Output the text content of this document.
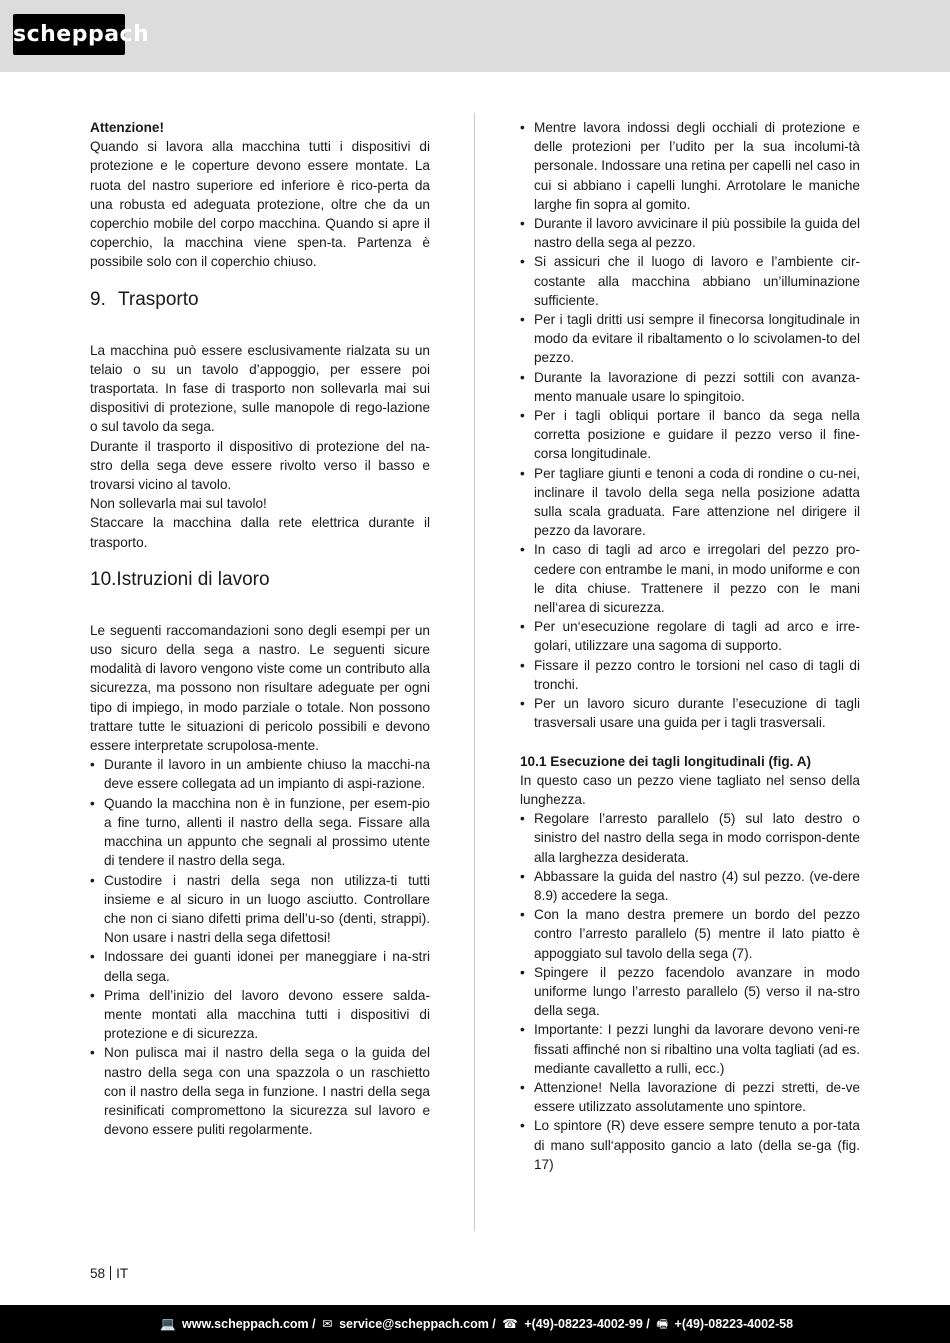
scheppach

Attenzione!

Quando si lavora alla macchina tutti i dispositivi di protezione e le coperture devono essere montate. La ruota del nastro superiore ed inferiore è rico-perta da una robusta ed adeguata protezione, oltre che da un coperchio mobile del corpo macchina. Quando si apre il coperchio, la macchina viene spen-ta. Partenza è possibile solo con il coperchio chiuso.

9. Trasporto

La macchina può essere esclusivamente rialzata su un telaio o su un tavolo d’appoggio, per essere poi trasportata. In fase di trasporto non sollevarla mai sui dispositivi di protezione, sulle manopole di rego-lazione o sul tavolo da sega.

Durante il trasporto il dispositivo di protezione del na-stro della sega deve essere rivolto verso il basso e trovarsi vicino al tavolo.

Non sollevarla mai sul tavolo!

Staccare la macchina dalla rete elettrica durante il trasporto.

10. Istruzioni di lavoro

Le seguenti raccomandazioni sono degli esempi per un uso sicuro della sega a nastro. Le seguenti sicure modalità di lavoro vengono viste come un contributo alla sicurezza, ma possono non risultare adeguate per ogni tipo di impiego, in modo parziale o totale. Non possono trattare tutte le situazioni di pericolo possibili e devono essere interpretate scrupolosa-mente.

• Durante il lavoro in un ambiente chiuso la macchi-na deve essere collegata ad un impianto di aspi-razione.
• Quando la macchina non è in funzione, per esem-pio a fine turno, allenti il nastro della sega. Fissare alla macchina un appunto che segnali al prossimo utente di tendere il nastro della sega.
• Custodire i nastri della sega non utilizza-ti tutti insieme e al sicuro in un luogo asciutto. Controllare che non ci siano difetti prima dell’u-so (denti, strappi). Non usare i nastri della sega difettosi!
• Indossare dei guanti idonei per maneggiare i na-stri della sega.
• Prima dell’inizio del lavoro devono essere salda-mente montati alla macchina tutti i dispositivi di protezione e di sicurezza.
• Non pulisca mai il nastro della sega o la guida del nastro della sega con una spazzola o un raschietto con il nastro della sega in funzione. I nastri della sega resinificati compromettono la sicurezza sul lavoro e devono essere puliti regolarmente.
• Mentre lavora indossi degli occhiali di protezione e delle protezioni per l’udito per la sua incolumi-tà personale. Indossare una retina per capelli nel caso in cui si abbiano i capelli lunghi. Arrotolare le maniche larghe fin sopra al gomito.
• Durante il lavoro avvicinare il più possibile la guida del nastro della sega al pezzo.
• Si assicuri che il luogo di lavoro e l’ambiente cir-costante alla macchina abbiano un’illuminazione sufficiente.
• Per i tagli dritti usi sempre il finecorsa longitudinale in modo da evitare il ribaltamento o lo scivolamen-to del pezzo.
• Durante la lavorazione di pezzi sottili con avanza-mento manuale usare lo spingitoio.
• Per i tagli obliqui portare il banco da sega nella corretta posizione e guidare il pezzo verso il fine-corsa longitudinale.
• Per tagliare giunti e tenoni a coda di rondine o cu-nei, inclinare il tavolo della sega nella posizione adatta sulla scala graduata. Fare attenzione nel dirigere il pezzo da lavorare.
• In caso di tagli ad arco e irregolari del pezzo pro-cedere con entrambe le mani, in modo uniforme e con le dita chiuse. Trattenere il pezzo con le mani nell‘area di sicurezza.
• Per un‘esecuzione regolare di tagli ad arco e irre-golari, utilizzare una sagoma di supporto.
• Fissare il pezzo contro le torsioni nel caso di tagli di tronchi.
• Per un lavoro sicuro durante l’esecuzione di tagli trasversali usare una guida per i tagli trasversali.

10.1 Esecuzione dei tagli longitudinali (fig. A)

In questo caso un pezzo viene tagliato nel senso della lunghezza.

• Regolare l’arresto parallelo (5) sul lato destro o sinistro del nastro della sega in modo corrispon-dente alla larghezza desiderata.
• Abbassare la guida del nastro (4) sul pezzo. (ve-dere 8.9) accedere la sega.
• Con la mano destra premere un bordo del pezzo contro l’arresto parallelo (5) mentre il lato piatto è appoggiato sul tavolo della sega (7).
• Spingere il pezzo facendolo avanzare in modo uniforme lungo l’arresto parallelo (5) verso il na-stro della sega.
• Importante: I pezzi lunghi da lavorare devono veni-re fissati affinché non si ribaltino una volta tagliati (ad es. mediante cavalletto a rulli, ecc.)
• Attenzione! Nella lavorazione di pezzi stretti, de-ve essere utilizzato assolutamente uno spintore.
• Lo spintore (R) deve essere sempre tenuto a por-tata di mano sull‘apposito gancio a lato (della se-ga (fig. 17)
58 IT
💻 www.scheppach.com / ✉ service@scheppach.com / ☎ +(49)-08223-4002-99 / 🖷 +(49)-08223-4002-58
